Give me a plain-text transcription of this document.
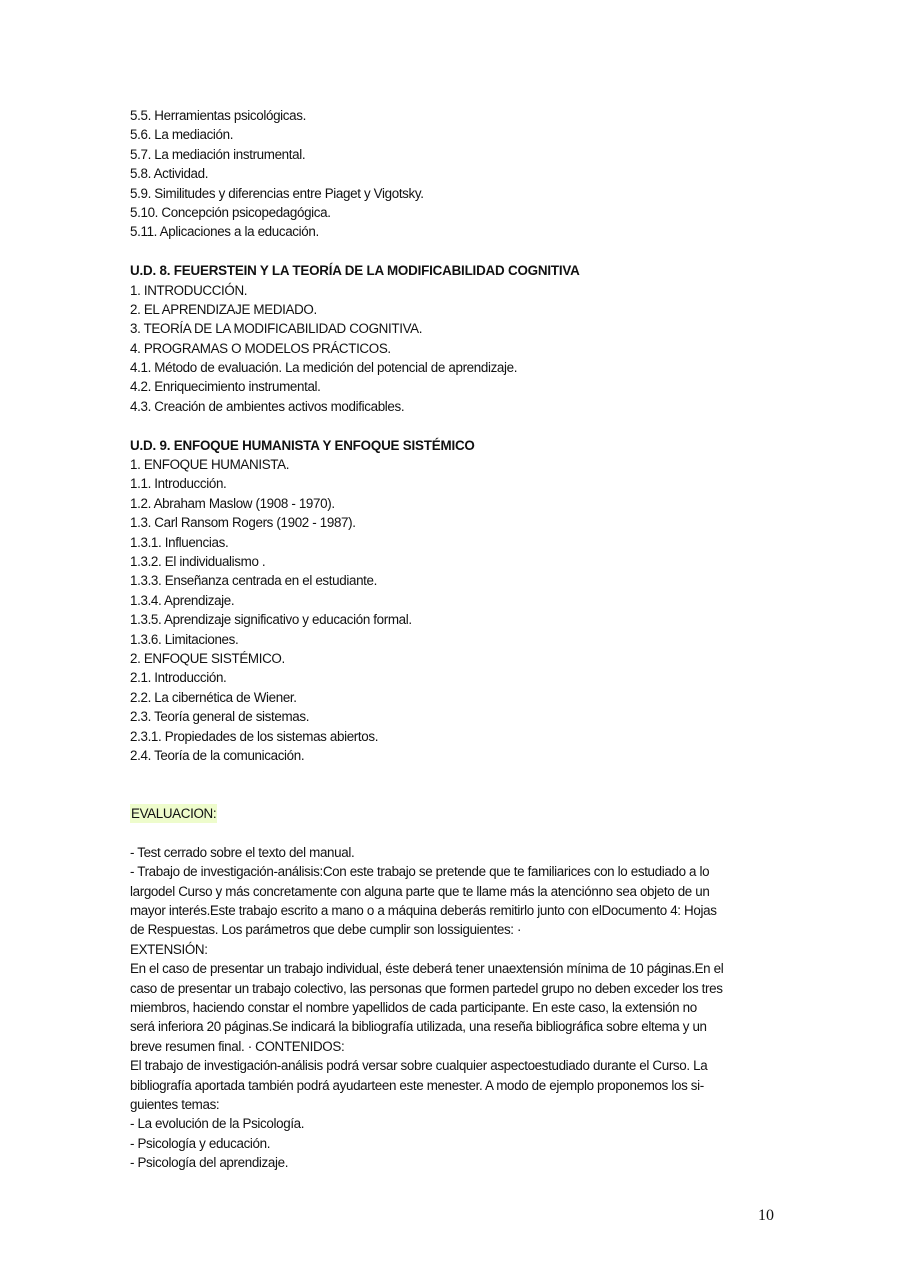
5.5. Herramientas psicológicas.
5.6. La mediación.
5.7. La mediación instrumental.
5.8. Actividad.
5.9. Similitudes y diferencias entre Piaget y Vigotsky.
5.10. Concepción psicopedagógica.
5.11. Aplicaciones a la educación.
U.D. 8. FEUERSTEIN Y LA TEORÍA DE LA MODIFICABILIDAD COGNITIVA
1. INTRODUCCIÓN.
2. EL APRENDIZAJE MEDIADO.
3. TEORÍA DE LA MODIFICABILIDAD COGNITIVA.
4. PROGRAMAS O MODELOS PRÁCTICOS.
4.1. Método de evaluación. La medición del potencial de aprendizaje.
4.2. Enriquecimiento instrumental.
4.3. Creación de ambientes activos modificables.
U.D. 9. ENFOQUE HUMANISTA Y ENFOQUE SISTÉMICO
1. ENFOQUE HUMANISTA.
1.1. Introducción.
1.2. Abraham Maslow (1908 - 1970).
1.3. Carl Ransom Rogers (1902 - 1987).
1.3.1. Influencias.
1.3.2. El individualismo .
1.3.3. Enseñanza centrada en el estudiante.
1.3.4. Aprendizaje.
1.3.5. Aprendizaje significativo y educación formal.
1.3.6. Limitaciones.
2. ENFOQUE SISTÉMICO.
2.1. Introducción.
2.2. La cibernética de Wiener.
2.3. Teoría general de sistemas.
2.3.1. Propiedades de los sistemas abiertos.
2.4. Teoría de la comunicación.
EVALUACION:
- Test cerrado sobre el texto del manual.
- Trabajo de investigación-análisis:Con este trabajo se pretende que te familiarices con lo estudiado a lo
largodel Curso y más concretamente con alguna parte que te llame más la atenciónno sea objeto de un
mayor interés.Este trabajo escrito a mano o a máquina deberás remitirlo junto con elDocumento 4: Hojas
de Respuestas. Los parámetros que debe cumplir son lossiguientes: ·
EXTENSIÓN:
En el caso de presentar un trabajo individual, éste deberá tener unaextensión mínima de 10 páginas.En el
caso de presentar un trabajo colectivo, las personas que formen partedel grupo no deben exceder los tres
miembros, haciendo constar el nombre yapellidos de cada participante. En este caso, la extensión no
será inferiora 20 páginas.Se indicará la bibliografía utilizada, una reseña bibliográfica sobre eltema y un
breve resumen final. · CONTENIDOS:
El trabajo de investigación-análisis podrá versar sobre cualquier aspectoestudiado durante el Curso. La
bibliografía aportada también podrá ayudarteen este menester. A modo de ejemplo proponemos los si-
guientes temas:
- La evolución de la Psicología.
- Psicología y educación.
- Psicología del aprendizaje.
10
